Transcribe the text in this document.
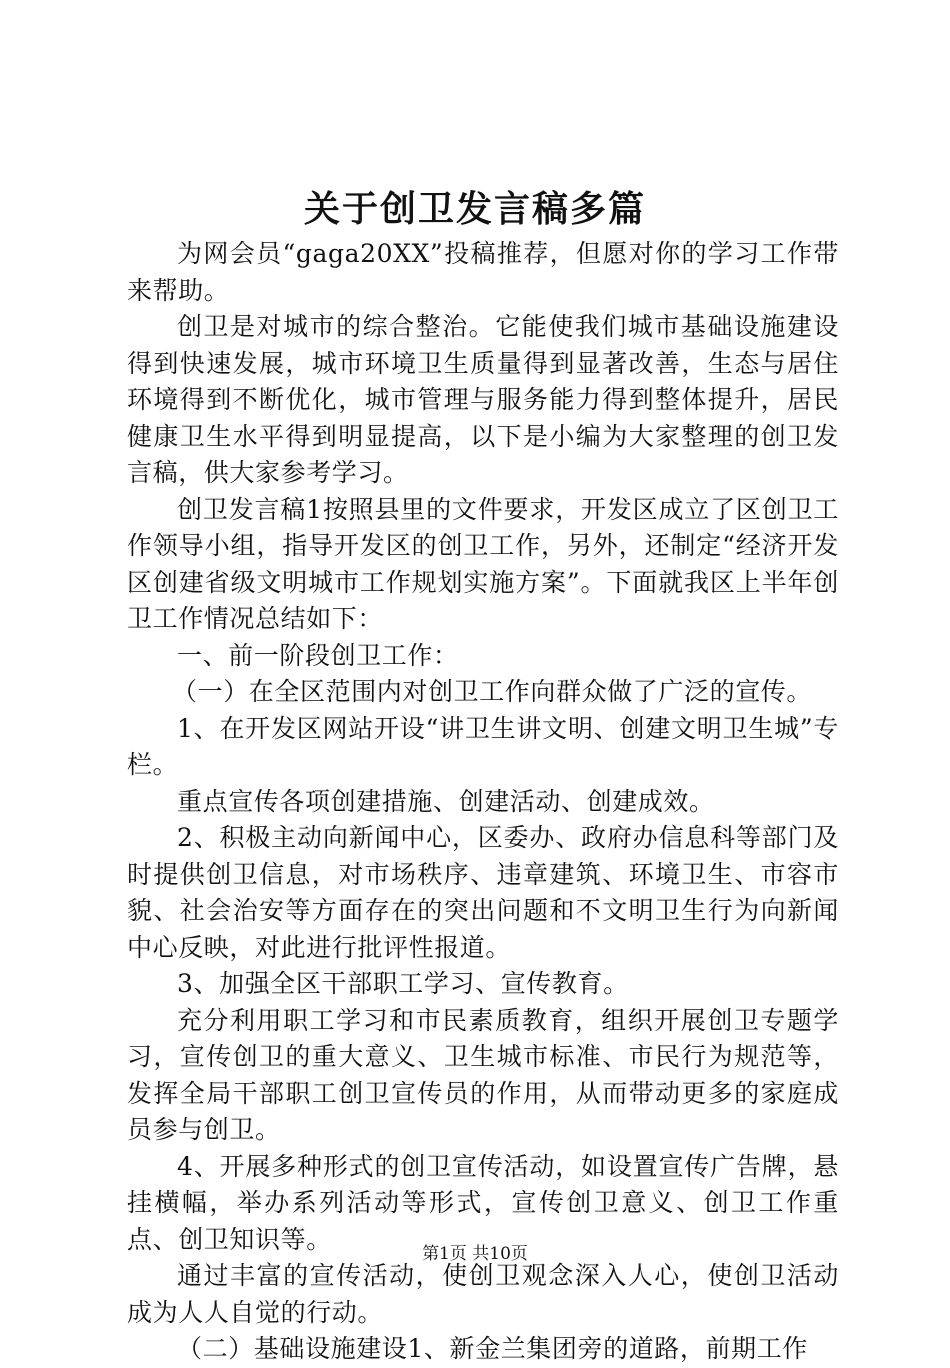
关于创卫发言稿多篇

为网会员“gaga20XX”投稿推荐，但愿对你的学习工作带来帮助。

创卫是对城市的综合整治。它能使我们城市基础设施建设得到快速发展，城市环境卫生质量得到显著改善，生态与居住环境得到不断优化，城市管理与服务能力得到整体提升，居民健康卫生水平得到明显提高，以下是小编为大家整理的创卫发言稿，供大家参考学习。

创卫发言稿1按照县里的文件要求，开发区成立了区创卫工作领导小组，指导开发区的创卫工作，另外，还制定“经济开发区创建省级文明城市工作规划实施方案”。下面就我区上半年创卫工作情况总结如下：

一、前一阶段创卫工作：

（一）在全区范围内对创卫工作向群众做了广泛的宣传。

1、在开发区网站开设“讲卫生讲文明、创建文明卫生城”专栏。

重点宣传各项创建措施、创建活动、创建成效。

2、积极主动向新闻中心，区委办、政府办信息科等部门及时提供创卫信息，对市场秩序、违章建筑、环境卫生、市容市貌、社会治安等方面存在的突出问题和不文明卫生行为向新闻中心反映，对此进行批评性报道。

3、加强全区干部职工学习、宣传教育。

充分利用职工学习和市民素质教育，组织开展创卫专题学习，宣传创卫的重大意义、卫生城市标准、市民行为规范等，发挥全局干部职工创卫宣传员的作用，从而带动更多的家庭成员参与创卫。

4、开展多种形式的创卫宣传活动，如设置宣传广告牌，悬挂横幅，举办系列活动等形式，宣传创卫意义、创卫工作重点、创卫知识等。

通过丰富的宣传活动，使创卫观念深入人心，使创卫活动成为人人自觉的行动。

（二）基础设施建设1、新金兰集团旁的道路，前期工作

第1页 共10页
